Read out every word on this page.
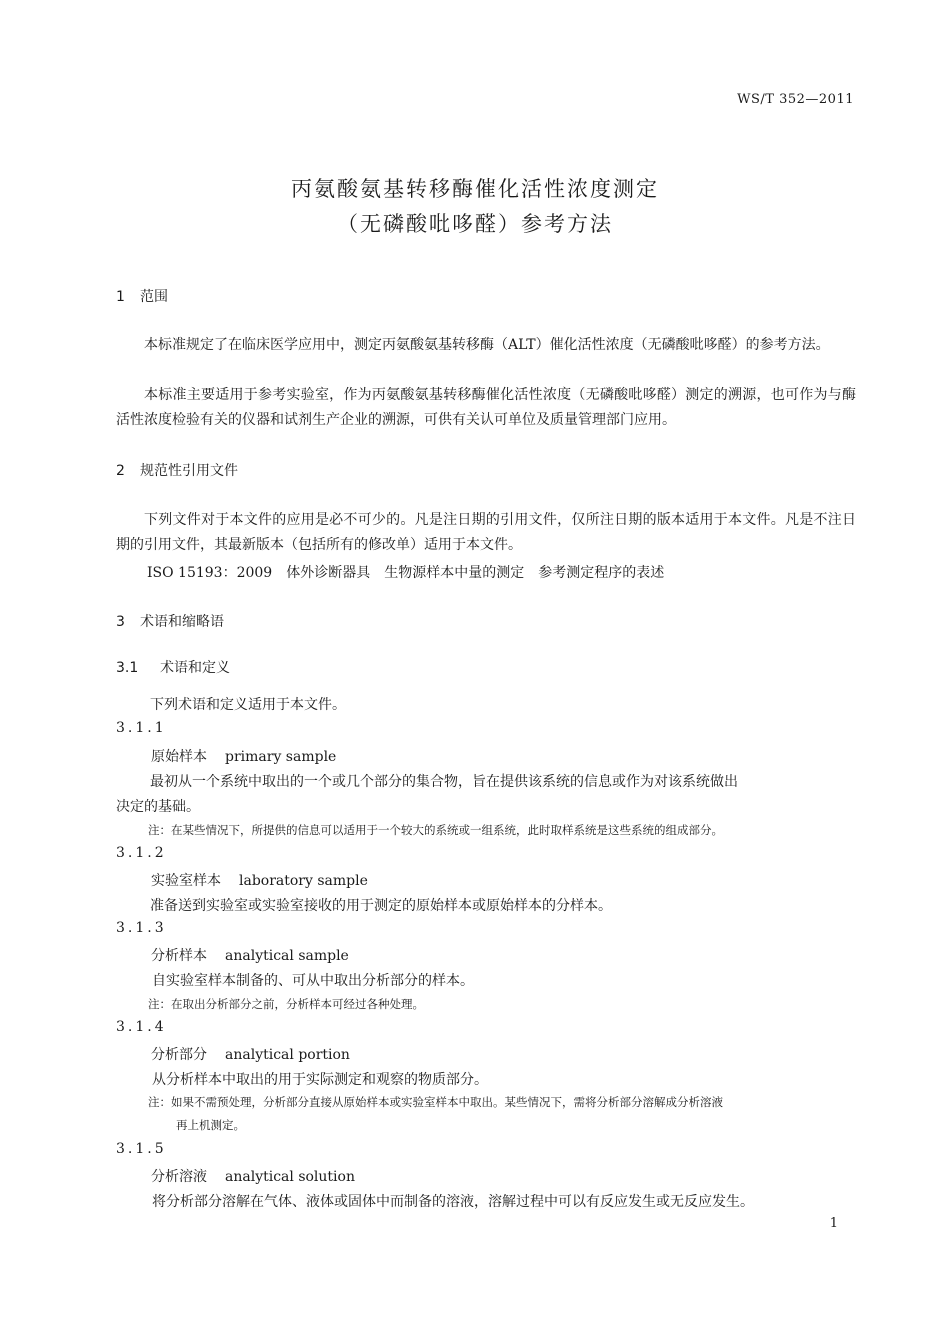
WS/T 352—2011
丙氨酸氨基转移酶催化活性浓度测定
（无磷酸吡哆醛）参考方法
1 范围
本标准规定了在临床医学应用中，测定丙氨酸氨基转移酶（ALT）催化活性浓度（无磷酸吡哆醛）的参考方法。
本标准主要适用于参考实验室，作为丙氨酸氨基转移酶催化活性浓度（无磷酸吡哆醛）测定的溯源，也可作为与酶活性浓度检验有关的仪器和试剂生产企业的溯源，可供有关认可单位及质量管理部门应用。
2 规范性引用文件
下列文件对于本文件的应用是必不可少的。凡是注日期的引用文件，仅所注日期的版本适用于本文件。凡是不注日期的引用文件，其最新版本（包括所有的修改单）适用于本文件。
ISO 15193：2009　体外诊断器具　生物源样本中量的测定　参考测定程序的表述
3 术语和缩略语
3.1 术语和定义
下列术语和定义适用于本文件。
3.1.1
原始样本 primary sample
最初从一个系统中取出的一个或几个部分的集合物，旨在提供该系统的信息或作为对该系统做出
决定的基础。
注：在某些情况下，所提供的信息可以适用于一个较大的系统或一组系统，此时取样系统是这些系统的组成部分。
3.1.2
实验室样本 laboratory sample
准备送到实验室或实验室接收的用于测定的原始样本或原始样本的分样本。
3.1.3
分析样本 analytical sample
自实验室样本制备的、可从中取出分析部分的样本。
注：在取出分析部分之前，分析样本可经过各种处理。
3.1.4
分析部分 analytical portion
从分析样本中取出的用于实际测定和观察的物质部分。
注：如果不需预处理，分析部分直接从原始样本或实验室样本中取出。某些情况下，需将分析部分溶解成分析溶液
再上机测定。
3.1.5
分析溶液 analytical solution
将分析部分溶解在气体、液体或固体中而制备的溶液，溶解过程中可以有反应发生或无反应发生。
1
